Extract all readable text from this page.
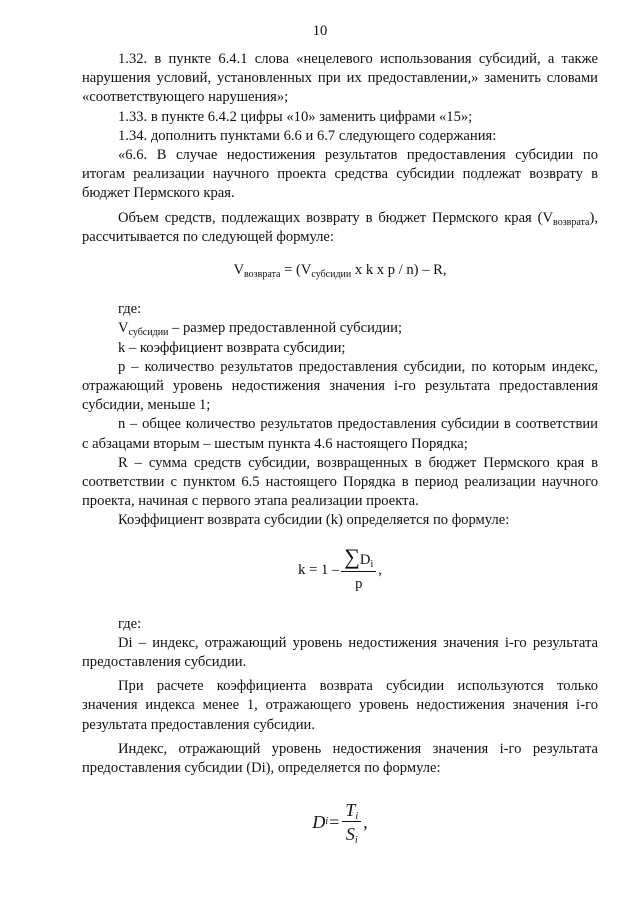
10

1.32. в пункте 6.4.1 слова «нецелевого использования субсидий, а также нарушения условий, установленных при их предоставлении,» заменить словами «соответствующего нарушения»;

1.33. в пункте 6.4.2 цифры «10» заменить цифрами «15»;

1.34. дополнить пунктами 6.6 и 6.7 следующего содержания:

«6.6. В случае недостижения результатов предоставления субсидии по итогам реализации научного проекта средства субсидии подлежат возврату в бюджет Пермского края.

Объем средств, подлежащих возврату в бюджет Пермского края $(V_{возврата})$, рассчитывается по следующей формуле:

$V_{возврата} = (V_{субсидии}$ x k x p / n) – R,

где:

$V_{субсидии}$ – размер предоставленной субсидии;

k – коэффициент возврата субсидии;

p – количество результатов предоставления субсидии, по которым индекс, отражающий уровень недостижения значения i-го результата предоставления субсидии, меньше 1;

n – общее количество результатов предоставления субсидии в соответствии с абзацами вторым – шестым пункта 4.6 настоящего Порядка;

R – сумма средств субсидии, возвращенных в бюджет Пермского края в соответствии с пунктом 6.5 настоящего Порядка в период реализации научного проекта, начиная с первого этапа реализации проекта.

Коэффициент возврата субсидии (k) определяется по формуле:

$k = 1 - \frac{\sum D_i}{p}$ ,

где:

Di – индекс, отражающий уровень недостижения значения i-го результата предоставления субсидии.

При расчете коэффициента возврата субсидии используются только значения индекса менее 1, отражающего уровень недостижения значения i-го результата предоставления субсидии.

Индекс, отражающий уровень недостижения значения i-го результата предоставления субсидии (Di), определяется по формуле:

D $i = \frac{T_i}{S_i}$ ,
